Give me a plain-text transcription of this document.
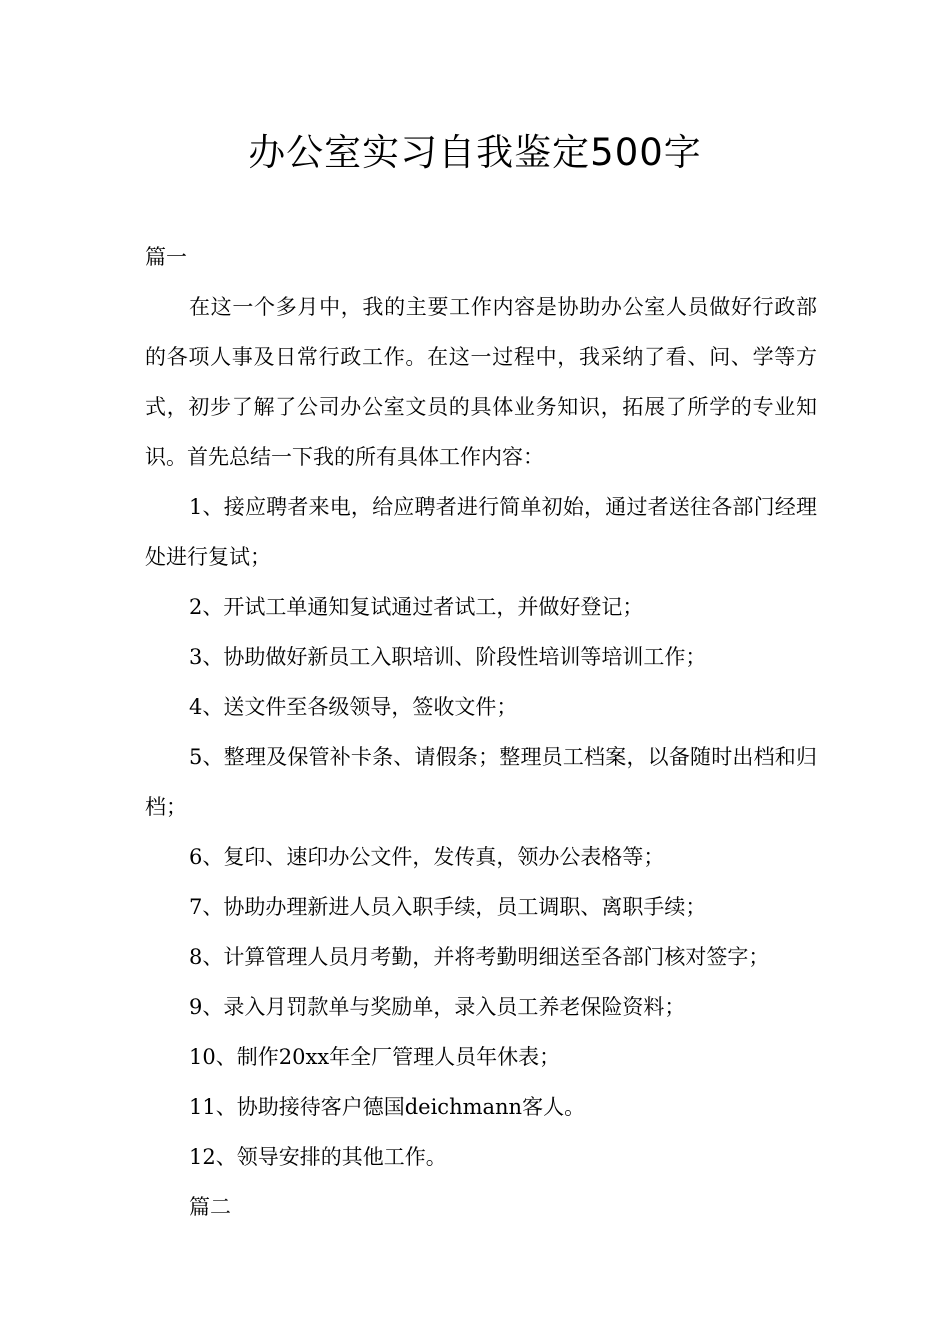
办公室实习自我鉴定500字

篇一

在这一个多月中，我的主要工作内容是协助办公室人员做好行政部的各项人事及日常行政工作。在这一过程中，我采纳了看、问、学等方式，初步了解了公司办公室文员的具体业务知识，拓展了所学的专业知识。首先总结一下我的所有具体工作内容：

1、接应聘者来电，给应聘者进行简单初始，通过者送往各部门经理处进行复试；

2、开试工单通知复试通过者试工，并做好登记；

3、协助做好新员工入职培训、阶段性培训等培训工作；

4、送文件至各级领导，签收文件；

5、整理及保管补卡条、请假条；整理员工档案，以备随时出档和归档；

6、复印、速印办公文件，发传真，领办公表格等；

7、协助办理新进人员入职手续，员工调职、离职手续；

8、计算管理人员月考勤，并将考勤明细送至各部门核对签字；

9、录入月罚款单与奖励单，录入员工养老保险资料；

10、制作20xx年全厂管理人员年休表；

11、协助接待客户德国deichmann客人。

12、领导安排的其他工作。

篇二
